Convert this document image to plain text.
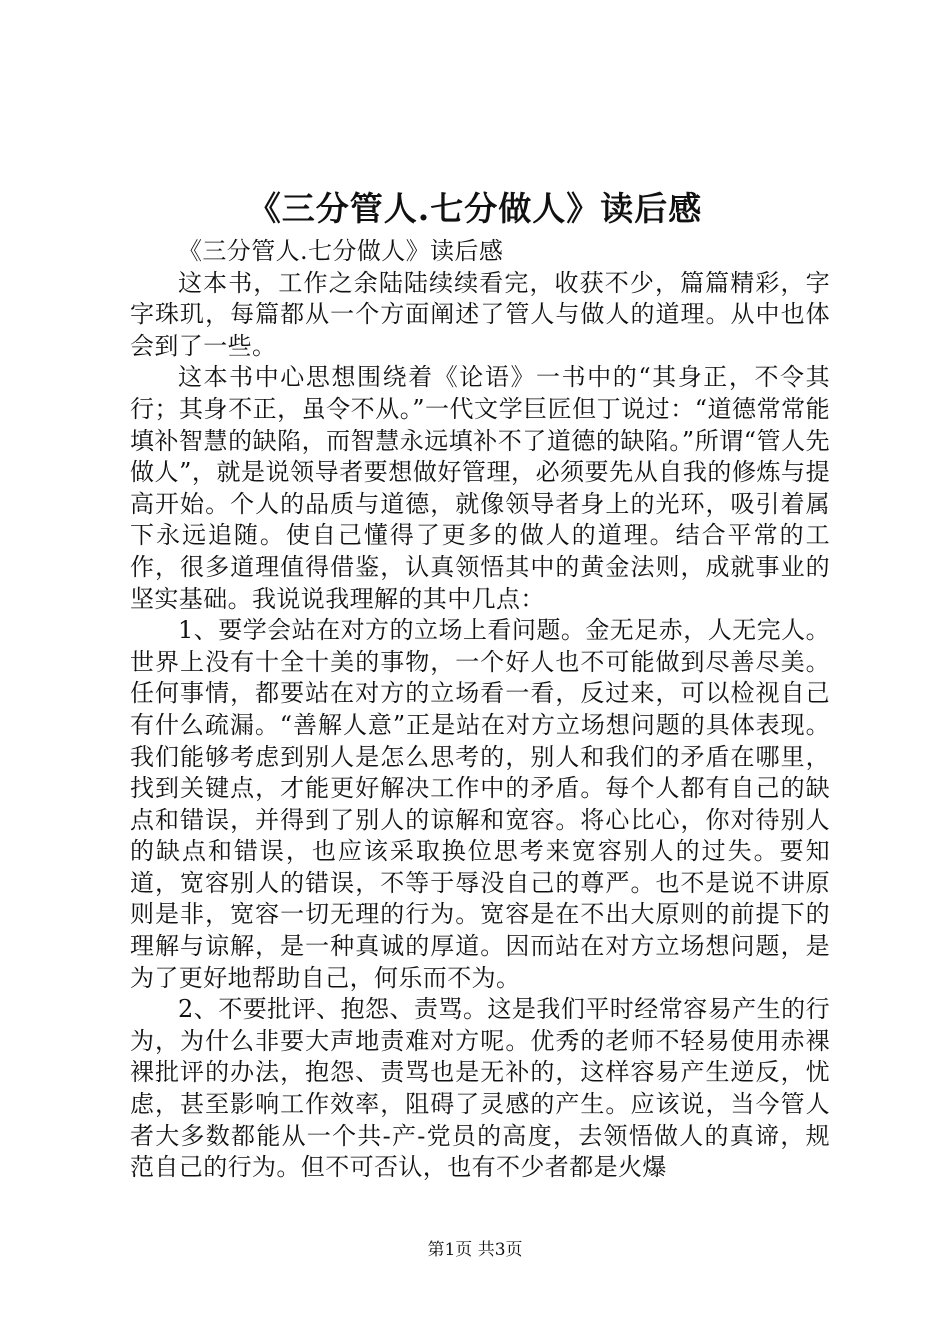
《三分管人.七分做人》读后感

《三分管人.七分做人》读后感

这本书，工作之余陆陆续续看完，收获不少，篇篇精彩，字字珠玑，每篇都从一个方面阐述了管人与做人的道理。从中也体会到了一些。

这本书中心思想围绕着《论语》一书中的“其身正，不令其行；其身不正，虽令不从。”一代文学巨匠但丁说过：“道德常常能填补智慧的缺陷，而智慧永远填补不了道德的缺陷。”所谓“管人先做人”，就是说领导者要想做好管理，必须要先从自我的修炼与提高开始。个人的品质与道德，就像领导者身上的光环，吸引着属下永远追随。使自己懂得了更多的做人的道理。结合平常的工作，很多道理值得借鉴，认真领悟其中的黄金法则，成就事业的坚实基础。我说说我理解的其中几点：

1、要学会站在对方的立场上看问题。金无足赤，人无完人。世界上没有十全十美的事物，一个好人也不可能做到尽善尽美。任何事情，都要站在对方的立场看一看，反过来，可以检视自己有什么疏漏。“善解人意”正是站在对方立场想问题的具体表现。我们能够考虑到别人是怎么思考的，别人和我们的矛盾在哪里，找到关键点，才能更好解决工作中的矛盾。每个人都有自己的缺点和错误，并得到了别人的谅解和宽容。将心比心，你对待别人的缺点和错误，也应该采取换位思考来宽容别人的过失。要知道，宽容别人的错误，不等于辱没自己的尊严。也不是说不讲原则是非，宽容一切无理的行为。宽容是在不出大原则的前提下的理解与谅解，是一种真诚的厚道。因而站在对方立场想问题，是为了更好地帮助自己，何乐而不为。

2、不要批评、抱怨、责骂。这是我们平时经常容易产生的行为，为什么非要大声地责难对方呢。优秀的老师不轻易使用赤裸裸批评的办法，抱怨、责骂也是无补的，这样容易产生逆反，忧虑，甚至影响工作效率，阻碍了灵感的产生。应该说，当今管人者大多数都能从一个共-产-党员的高度，去领悟做人的真谛，规范自己的行为。但不可否认，也有不少者都是火爆

第1页 共3页
